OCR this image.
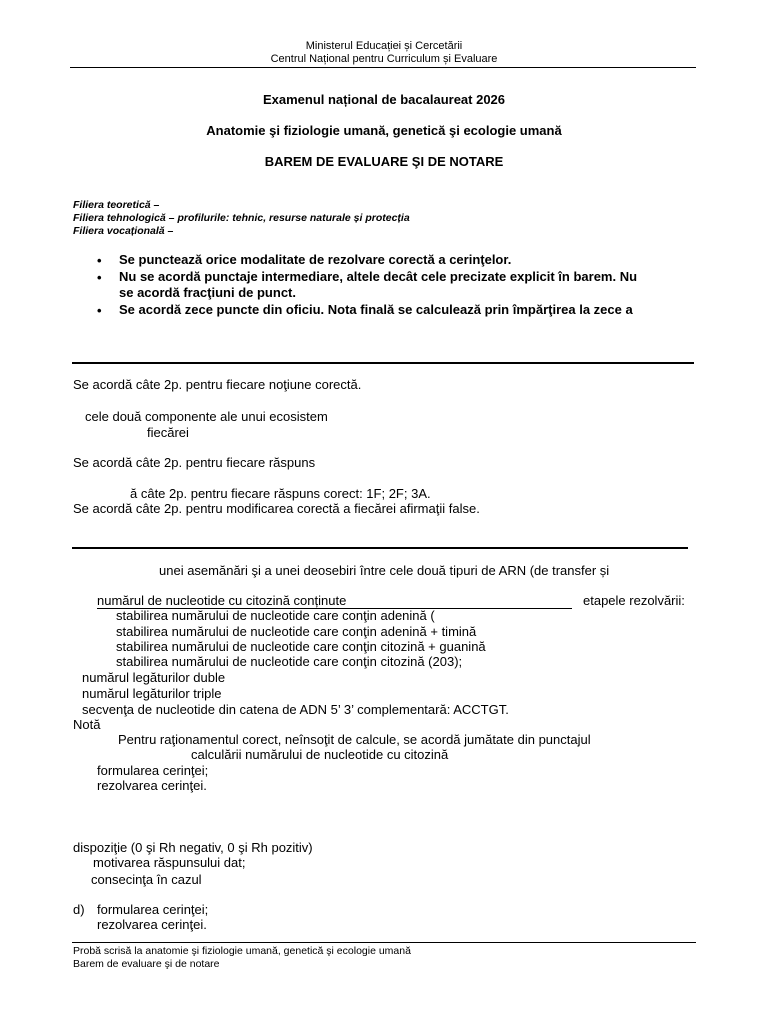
Ministerul Educației și Cercetării
Centrul Național pentru Curriculum și Evaluare
Examenul național de bacalaureat 2026
Anatomie şi fiziologie umană, genetică şi ecologie umană
BAREM DE EVALUARE ŞI DE NOTARE
Filiera teoretică –
Filiera tehnologică – profilurile: tehnic, resurse naturale și protecția
Filiera vocațională –
• Se punctează orice modalitate de rezolvare corectă a cerinţelor.
• Nu se acordă punctaje intermediare, altele decât cele precizate explicit în barem. Nu
se acordă fracţiuni de punct.
• Se acordă zece puncte din oficiu. Nota finală se calculează prin împărţirea la zece a
Se acordă câte 2p. pentru fiecare noţiune corectă.
cele două componente ale unui ecosistem
fiecărei
Se acordă câte 2p. pentru fiecare răspuns
ă câte 2p. pentru fiecare răspuns corect: 1F; 2F; 3A.
Se acordă câte 2p. pentru modificarea corectă a fiecărei afirmaţii false.
unei asemănări şi a unei deosebiri între cele două tipuri de ARN (de transfer și
numărul de nucleotide cu citozină conținute	etapele rezolvării:
stabilirea numărului de nucleotide care conţin adenină (
stabilirea numărului de nucleotide care conţin adenină + timină
stabilirea numărului de nucleotide care conţin citozină + guanină
stabilirea numărului de nucleotide care conţin citozină (203);
numărul legăturilor duble
numărul legăturilor triple
secvenţa de nucleotide din catena de ADN 5’ 3’ complementară: ACCTGT.
Notă
Pentru raţionamentul corect, neînsoţit de calcule, se acordă jumătate din punctajul
calculării numărului de nucleotide cu citozină
formularea cerinţei;
rezolvarea cerinţei.
dispoziţie (0 şi Rh negativ, 0 şi Rh pozitiv)
motivarea răspunsului dat;
consecinţa în cazul
d) formularea cerinţei;
rezolvarea cerinţei.
Probă scrisă la anatomie şi fiziologie umană, genetică şi ecologie umană
Barem de evaluare şi de notare
